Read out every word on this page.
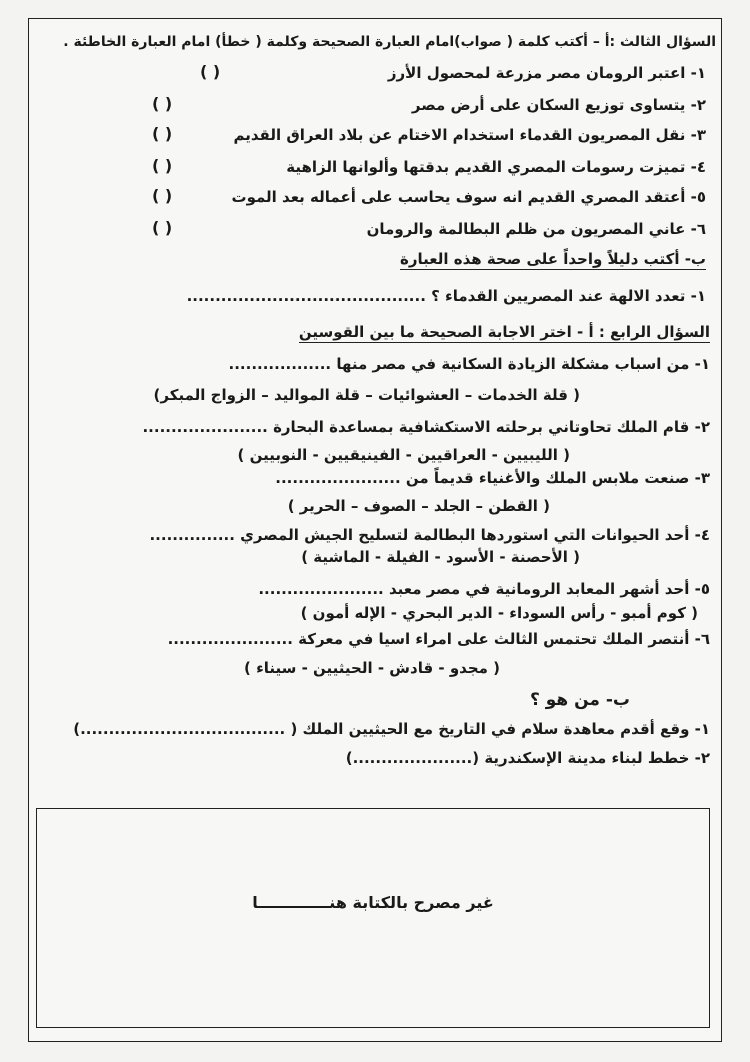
السؤال الثالث :أ – أكتب كلمة ( صواب)امام العبارة الصحيحة وكلمة ( خطأ) امام العبارة الخاطئة .
١- اعتبر الرومان مصر مزرعة لمحصول الأرز
( )
٢- يتساوى توزيع السكان على أرض مصر
( )
٣- نقل المصريون القدماء استخدام الاختام عن بلاد العراق القديم
( )
٤- تميزت رسومات المصري القديم بدقتها وألوانها الزاهية
( )
٥- أعتقد المصري القديم انه سوف يحاسب على أعماله بعد الموت
( )
٦- عاني المصريون من ظلم البطالمة والرومان
( )
ب- أكتب دليلاً واحداً على صحة هذه العبارة
١- تعدد الالهة عند المصريين القدماء ؟ ..........................................
السؤال الرابع : أ - اختر الاجابة الصحيحة ما بين القوسين
١- من اسباب مشكلة الزيادة السكانية في مصر منها ..................
( قلة الخدمات – العشوائيات – قلة المواليد – الزواج المبكر)
٢- قام الملك تحاوتاني برحلته الاستكشافية بمساعدة البحارة ......................
( الليبيين - العراقيين - الفينيقيين - النوبيين )
٣- صنعت ملابس الملك والأغنياء قديماً من ......................
( القطن – الجلد – الصوف – الحرير )
٤- أحد الحيوانات التي استوردها البطالمة لتسليح الجيش المصري ...............
( الأحصنة - الأسود - الفيلة - الماشية )
٥- أحد أشهر المعابد الرومانية في مصر معبد ......................
( كوم أمبو - رأس السوداء - الدير البحري - الإله أمون )
٦- أنتصر الملك تحتمس الثالث على امراء اسيا في معركة ......................
( مجدو - قادش - الحيثيين - سيناء )
ب- من هو ؟
١- وقع أقدم معاهدة سلام في التاريخ مع الحيثيين الملك ( ....................................)
٢- خطط لبناء مدينة الإسكندرية (.....................)
غير مصرح بالكتابة هنـــــــــــــا
